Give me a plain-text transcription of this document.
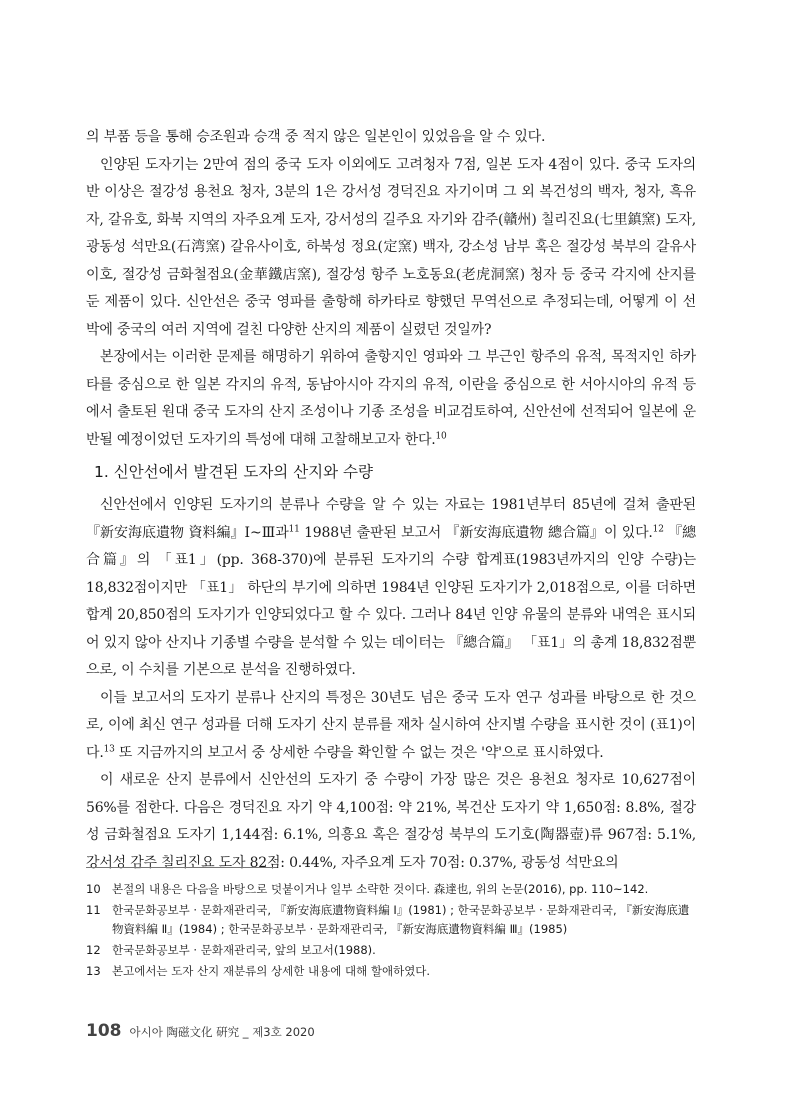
의 부품 등을 통해 승조원과 승객 중 적지 않은 일본인이 있었음을 알 수 있다.

인양된 도자기는 2만여 점의 중국 도자 이외에도 고려청자 7점, 일본 도자 4점이 있다. 중국 도자의 반 이상은 절강성 용천요 청자, 3분의 1은 강서성 경덕진요 자기이며 그 외 복건성의 백자, 청자, 흑유자, 갈유호, 화북 지역의 자주요계 도자, 강서성의 길주요 자기와 감주(贛州) 칠리진요(七里鎮窯) 도자, 광동성 석만요(石湾窯) 갈유사이호, 하북성 정요(定窯) 백자, 강소성 남부 혹은 절강성 북부의 갈유사이호, 절강성 금화철점요(金華鐵店窯), 절강성 항주 노호동요(老虎洞窯) 청자 등 중국 각지에 산지를 둔 제품이 있다. 신안선은 중국 영파를 출항해 하카타로 향했던 무역선으로 추정되는데, 어떻게 이 선박에 중국의 여러 지역에 걸친 다양한 산지의 제품이 실렸던 것일까?

본장에서는 이러한 문제를 해명하기 위하여 출항지인 영파와 그 부근인 항주의 유적, 목적지인 하카타를 중심으로 한 일본 각지의 유적, 동남아시아 각지의 유적, 이란을 중심으로 한 서아시아의 유적 등에서 출토된 원대 중국 도자의 산지 조성이나 기종 조성을 비교검토하여, 신안선에 선적되어 일본에 운반될 예정이었던 도자기의 특성에 대해 고찰해보고자 한다.$^{10}$

1. 신안선에서 발견된 도자의 산지와 수량

신안선에서 인양된 도자기의 분류나 수량을 알 수 있는 자료는 1981년부터 85년에 걸쳐 출판된 『新安海底遺物 資料編』Ⅰ~Ⅲ과$^{11}$ 1988년 출판된 보고서 『新安海底遺物 總合篇』이 있다.$^{12}$ 『總合篇』의 「표1」(pp. 368-370)에 분류된 도자기의 수량 합계표(1983년까지의 인양 수량)는 18,832점이지만 「표1」 하단의 부기에 의하면 1984년 인양된 도자기가 2,018점으로, 이를 더하면 합계 20,850점의 도자기가 인양되었다고 할 수 있다. 그러나 84년 인양 유물의 분류와 내역은 표시되어 있지 않아 산지나 기종별 수량을 분석할 수 있는 데이터는 『總合篇』 「표1」의 총계 18,832점뿐으로, 이 수치를 기본으로 분석을 진행하였다.

이들 보고서의 도자기 분류나 산지의 특정은 30년도 넘은 중국 도자 연구 성과를 바탕으로 한 것으로, 이에 최신 연구 성과를 더해 도자기 산지 분류를 재차 실시하여 산지별 수량을 표시한 것이 (표1)이다.$^{13}$ 또 지금까지의 보고서 중 상세한 수량을 확인할 수 없는 것은 '약'으로 표시하였다.

이 새로운 산지 분류에서 신안선의 도자기 중 수량이 가장 많은 것은 용천요 청자로 10,627점이 56%를 점한다. 다음은 경덕진요 자기 약 4,100점: 약 21%, 복건산 도자기 약 1,650점: 8.8%, 절강성 금화철점요 도자기 1,144점: 6.1%, 의흥요 혹은 절강성 북부의 도기호(陶器壺)류 967점: 5.1%, 강서성 감주 칠리진요 도자 82점: 0.44%, 자주요계 도자 70점: 0.37%, 광동성 석만요의

10 본절의 내용은 다음을 바탕으로 덧붙이거나 일부 소략한 것이다. 森達也, 위의 논문(2016), pp. 110~142.
11 한국문화공보부 · 문화재관리국, 『新安海底遺物資料編 Ⅰ』(1981) ; 한국문화공보부 · 문화재관리국, 『新安海底遺物資料編 Ⅱ』(1984) ; 한국문화공보부 · 문화재관리국, 『新安海底遺物資料編 Ⅲ』(1985)
12 한국문화공보부 · 문화재관리국, 앞의 보고서(1988).
13 본고에서는 도자 산지 재분류의 상세한 내용에 대해 할애하였다.
108 아시아 陶磁文化 硏究 _ 제3호 2020
